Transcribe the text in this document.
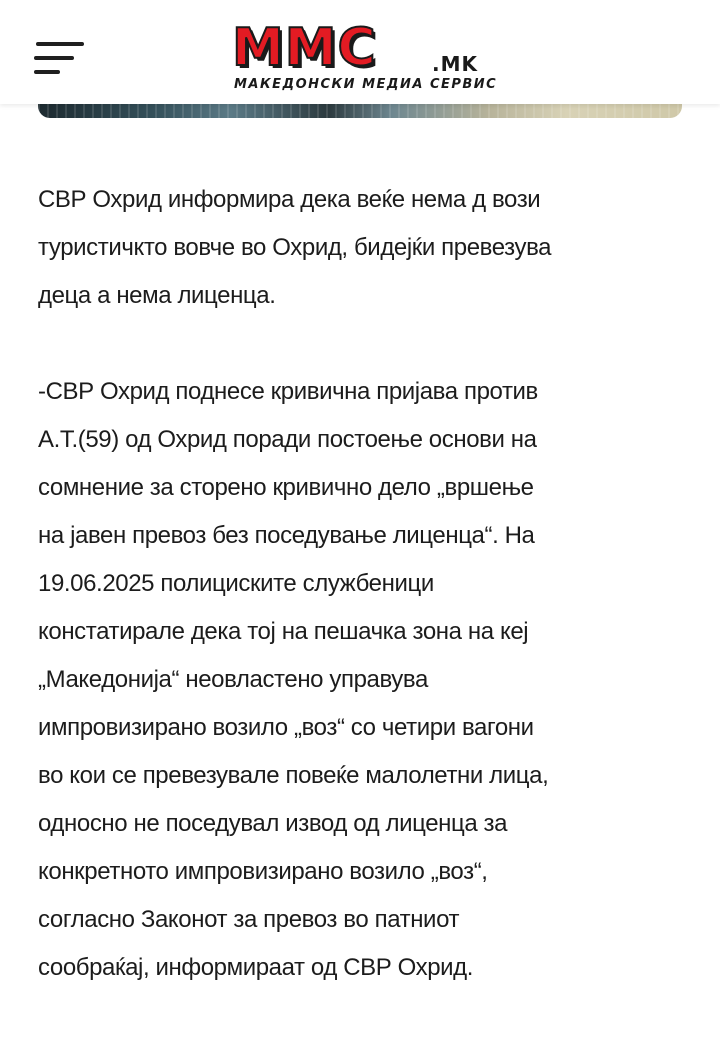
MMC	.MK
МАКЕДОНСКИ МЕДИА СЕРВИС

СВР Охрид информира дека веќе нема д вози
туристичкто вовче во Охрид, бидејќи превезува
деца а нема лиценца.

-СВР Охрид поднесе кривична пријава против
А.Т.(59) од Охрид поради постоење основи на
сомнение за сторено кривично дело „вршење
на јавен превоз без поседување лиценца“. На
19.06.2025 полициските службеници
констатирале дека тој на пешачка зона на кеј
„Македонија“ неовластено управува
импровизирано возило „воз“ со четири вагони
во кои се превезувале повеќе малолетни лица,
односно не поседувал извод од лиценца за
конкретното импровизирано возило „воз“,
согласно Законот за превоз во патниот
сообраќај, информираат од СВР Охрид.
